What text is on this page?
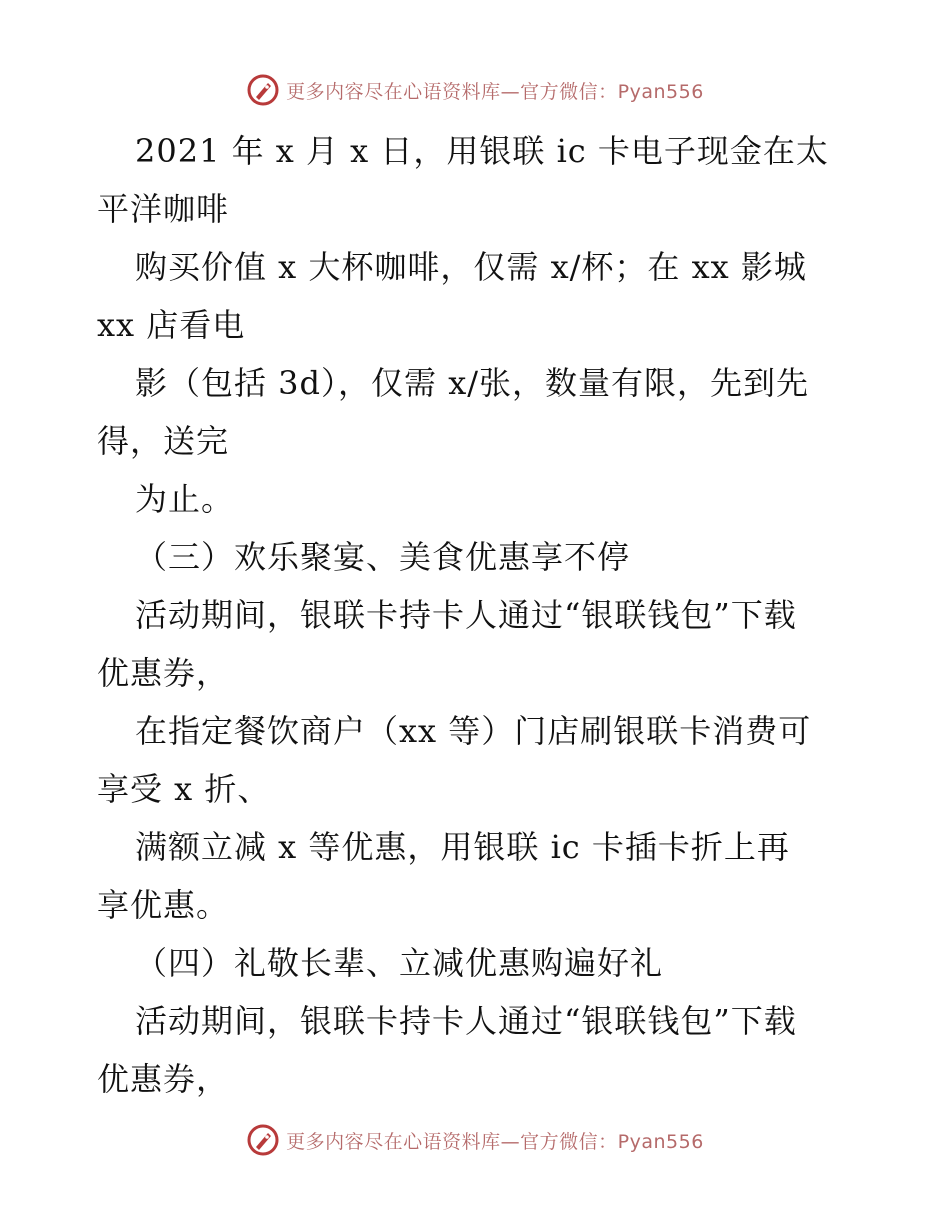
更多内容尽在心语资料库—官方微信：Pyan556
2021 年 x 月 x 日，用银联 ic 卡电子现金在太
平洋咖啡
购买价值 x 大杯咖啡，仅需 x/杯；在 xx 影城
xx 店看电
影（包括 3d），仅需 x/张，数量有限，先到先
得，送完
为止。
（三）欢乐聚宴、美食优惠享不停
活动期间，银联卡持卡人通过“银联钱包”下载
优惠券，
在指定餐饮商户（xx 等）门店刷银联卡消费可
享受 x 折、
满额立减 x 等优惠，用银联 ic 卡插卡折上再
享优惠。
（四）礼敬长辈、立减优惠购遍好礼
活动期间，银联卡持卡人通过“银联钱包”下载
优惠券，
更多内容尽在心语资料库—官方微信：Pyan556
